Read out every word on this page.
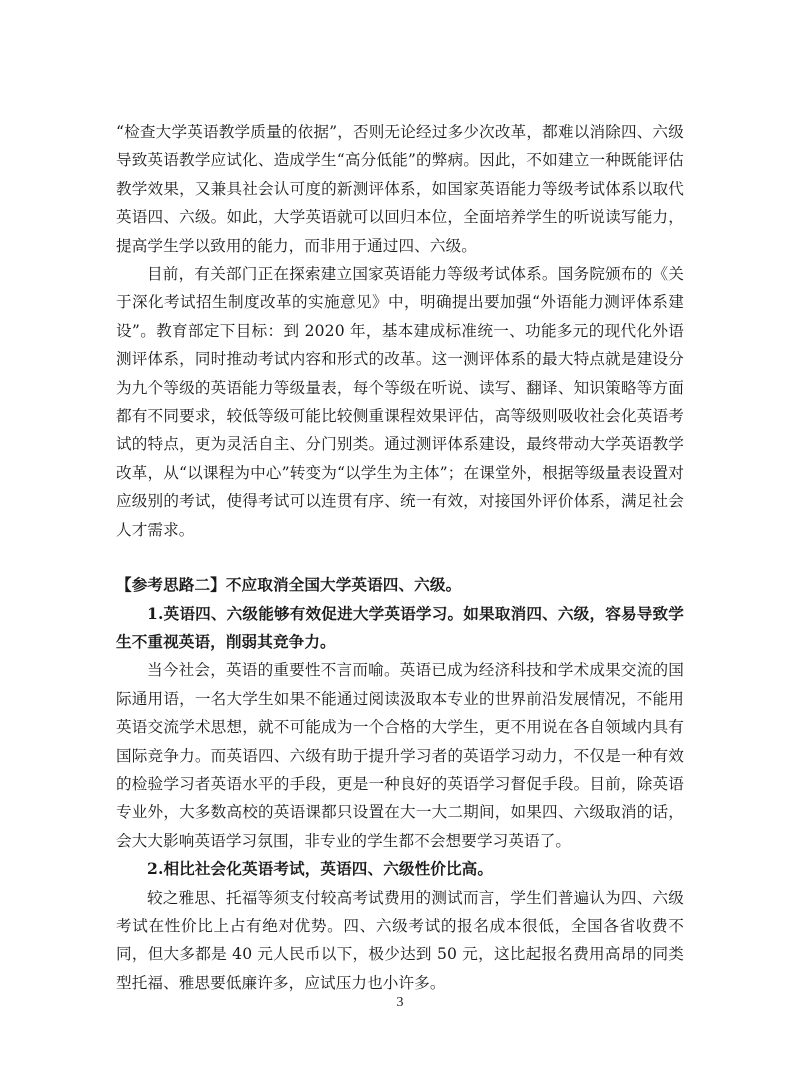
“检查大学英语教学质量的依据”，否则无论经过多少次改革，都难以消除四、六级导致英语教学应试化、造成学生“高分低能”的弊病。因此，不如建立一种既能评估教学效果，又兼具社会认可度的新测评体系，如国家英语能力等级考试体系以取代英语四、六级。如此，大学英语就可以回归本位，全面培养学生的听说读写能力，提高学生学以致用的能力，而非用于通过四、六级。

目前，有关部门正在探索建立国家英语能力等级考试体系。国务院颁布的《关于深化考试招生制度改革的实施意见》中，明确提出要加强“外语能力测评体系建设”。教育部定下目标：到 2020 年，基本建成标准统一、功能多元的现代化外语测评体系，同时推动考试内容和形式的改革。这一测评体系的最大特点就是建设分为九个等级的英语能力等级量表，每个等级在听说、读写、翻译、知识策略等方面都有不同要求，较低等级可能比较侧重课程效果评估，高等级则吸收社会化英语考试的特点，更为灵活自主、分门别类。通过测评体系建设，最终带动大学英语教学改革，从“以课程为中心”转变为“以学生为主体”；在课堂外，根据等级量表设置对应级别的考试，使得考试可以连贯有序、统一有效，对接国外评价体系，满足社会人才需求。

【参考思路二】不应取消全国大学英语四、六级。

1.英语四、六级能够有效促进大学英语学习。如果取消四、六级，容易导致学生不重视英语，削弱其竞争力。

当今社会，英语的重要性不言而喻。英语已成为经济科技和学术成果交流的国际通用语，一名大学生如果不能通过阅读汲取本专业的世界前沿发展情况，不能用英语交流学术思想，就不可能成为一个合格的大学生，更不用说在各自领域内具有国际竞争力。而英语四、六级有助于提升学习者的英语学习动力，不仅是一种有效的检验学习者英语水平的手段，更是一种良好的英语学习督促手段。目前，除英语专业外，大多数高校的英语课都只设置在大一大二期间，如果四、六级取消的话，会大大影响英语学习氛围，非专业的学生都不会想要学习英语了。

2.相比社会化英语考试，英语四、六级性价比高。

较之雅思、托福等须支付较高考试费用的测试而言，学生们普遍认为四、六级考试在性价比上占有绝对优势。四、六级考试的报名成本很低，全国各省收费不同，但大多都是 40 元人民币以下，极少达到 50 元，这比起报名费用高昂的同类型托福、雅思要低廉许多，应试压力也小许多。

3
